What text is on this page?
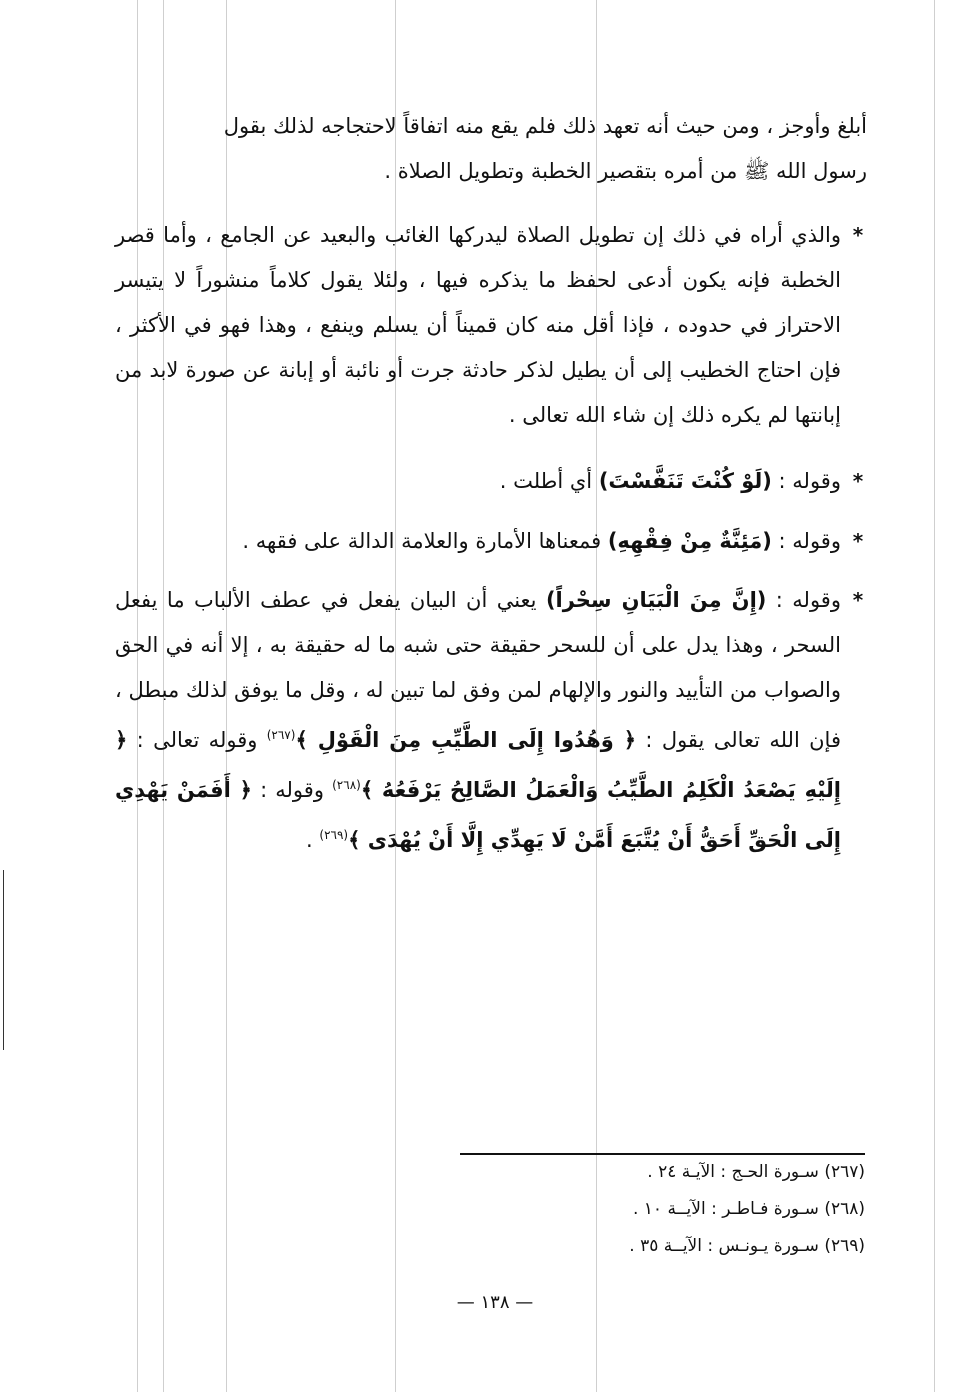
أبلغ وأوجز ، ومن حيث أنه تعهد ذلك فلم يقع منه اتفاقاً لاحتجاجه لذلك بقول

رسول الله ﷺ من أمره بتقصير الخطبة وتطويل الصلاة .

*

والذي أراه في ذلك إن تطويل الصلاة ليدركها الغائب والبعيد عن الجامع ، وأما قصر الخطبة فإنه يكون أدعى لحفظ ما يذكره فيها ، ولئلا يقول كلاماً منشوراً لا يتيسر الاحتراز في حدوده ، فإذا أقل منه كان قميناً أن يسلم وينفع ، وهذا فهو في الأكثر ، فإن احتاج الخطيب إلى أن يطيل لذكر حادثة جرت أو نائبة أو إبانة عن صورة لابد من إبانتها لم يكره ذلك إن شاء الله تعالى .

*

وقوله : (لَوْ كُنْتَ تَنَفَّسْتَ) أي أطلت .

*

وقوله : (مَئِنَّةٌ مِنْ فِقْهِهِ) فمعناها الأمارة والعلامة الدالة على فقهه .

*

وقوله : (إِنَّ مِنَ الْبَيَانِ سِحْراً) يعني أن البيان يفعل في عطف الألباب ما يفعل السحر ، وهذا يدل على أن للسحر حقيقة حتى شبه ما له حقيقة به ، إلا أنه في الحق والصواب من التأييد والنور والإلهام لمن وفق لما تبين له ، وقل ما يوفق لذلك مبطل ، فإن الله تعالى يقول : ﴿ وَهُدُوا إِلَى الطَّيِّبِ مِنَ الْقَوْلِ ﴾$^{(٢٦٧)}$ وقوله تعالى : ﴿ إِلَيْهِ يَصْعَدُ الْكَلِمُ الطَّيِّبُ وَالْعَمَلُ الصَّالِحُ يَرْفَعُهُ ﴾$^{(٢٦٨)}$ وقوله : ﴿ أَفَمَنْ يَهْدِي إِلَى الْحَقِّ أَحَقُّ أَنْ يُتَّبَعَ أَمَّنْ لَا يَهِدِّي إِلَّا أَنْ يُهْدَى ﴾$^{(٢٦٩)}$ .

(٢٦٧) سـورة الحـج : الآيـة ٢٤ .
(٢٦٨) سـورة فـاطـر : الآيــة ١٠ .
(٢٦٩) سـورة يـونـس : الآيــة ٣٥ .
— ١٣٨ —
